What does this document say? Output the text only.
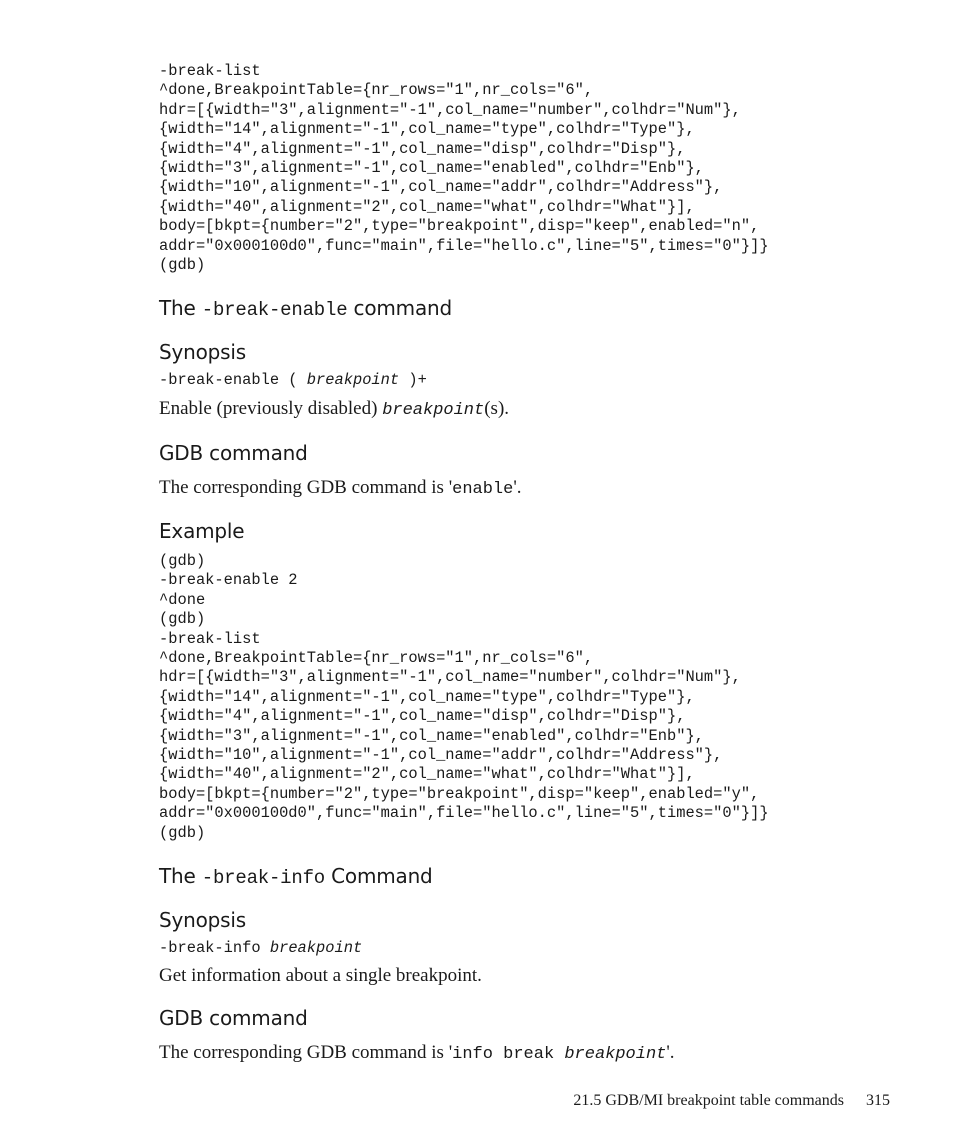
-break-list
^done,BreakpointTable={nr_rows="1",nr_cols="6",
hdr=[{width="3",alignment="-1",col_name="number",colhdr="Num"},
{width="14",alignment="-1",col_name="type",colhdr="Type"},
{width="4",alignment="-1",col_name="disp",colhdr="Disp"},
{width="3",alignment="-1",col_name="enabled",colhdr="Enb"},
{width="10",alignment="-1",col_name="addr",colhdr="Address"},
{width="40",alignment="2",col_name="what",colhdr="What"}],
body=[bkpt={number="2",type="breakpoint",disp="keep",enabled="n",
addr="0x000100d0",func="main",file="hello.c",line="5",times="0"}]}
(gdb)
The -break-enable command
Synopsis
-break-enable ( breakpoint )+

Enable (previously disabled) breakpoint(s).

GDB command

The corresponding GDB command is 'enable'.

Example
(gdb)
-break-enable 2
^done
(gdb)
-break-list
^done,BreakpointTable={nr_rows="1",nr_cols="6",
hdr=[{width="3",alignment="-1",col_name="number",colhdr="Num"},
{width="14",alignment="-1",col_name="type",colhdr="Type"},
{width="4",alignment="-1",col_name="disp",colhdr="Disp"},
{width="3",alignment="-1",col_name="enabled",colhdr="Enb"},
{width="10",alignment="-1",col_name="addr",colhdr="Address"},
{width="40",alignment="2",col_name="what",colhdr="What"}],
body=[bkpt={number="2",type="breakpoint",disp="keep",enabled="y",
addr="0x000100d0",func="main",file="hello.c",line="5",times="0"}]}
(gdb)
The -break-info Command
Synopsis
-break-info breakpoint

Get information about a single breakpoint.

GDB command

The corresponding GDB command is 'info break breakpoint'.

21.5 GDB/MI breakpoint table commands 315
